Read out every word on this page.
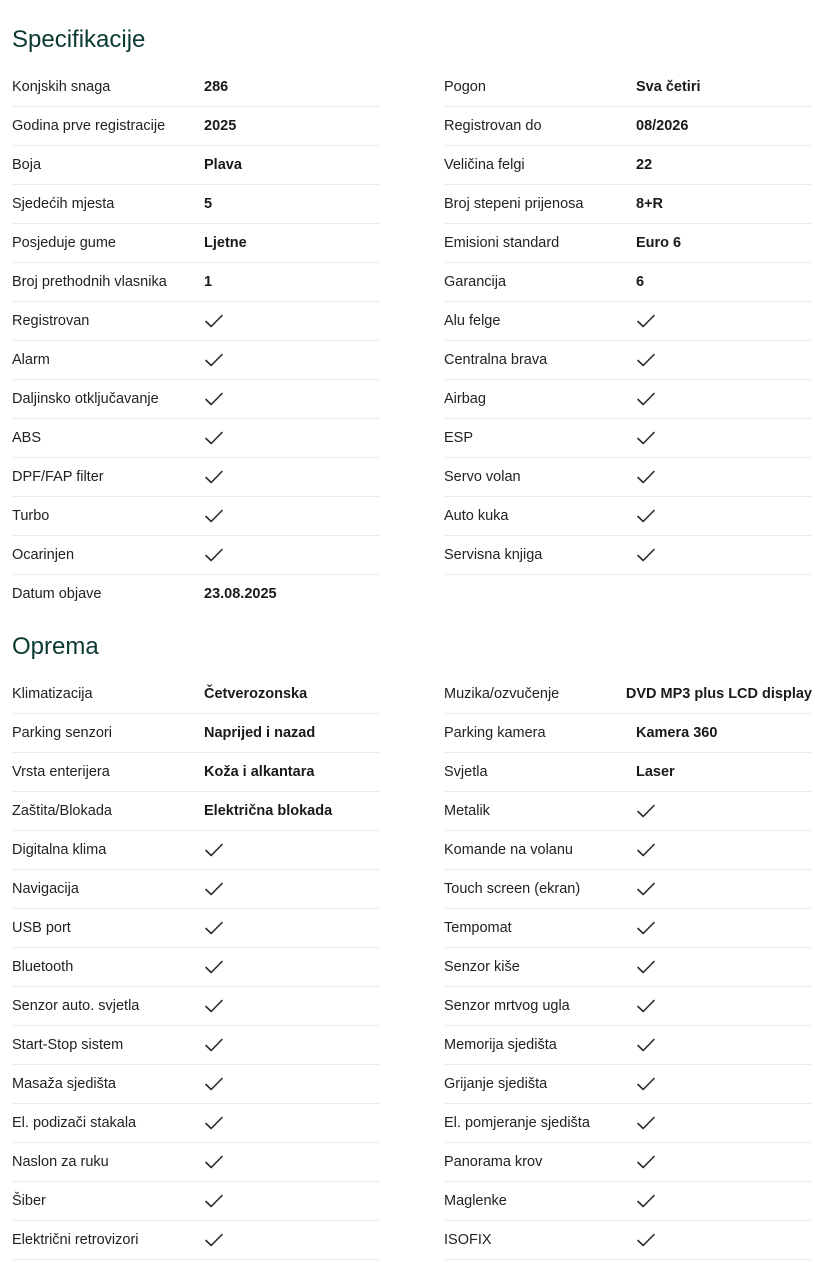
Specifikacije
Konjskih snaga	286
Godina prve registracije	2025
Boja	Plava
Sjedećih mjesta	5
Posjeduje gume	Ljetne
Broj prethodnih vlasnika	1
Registrovan
Alarm
Daljinsko otključavanje
ABS
DPF/FAP filter
Turbo
Ocarinjen
Datum objave	23.08.2025
Pogon	Sva četiri
Registrovan do	08/2026
Veličina felgi	22
Broj stepeni prijenosa	8+R
Emisioni standard	Euro 6
Garancija	6
Alu felge
Centralna brava
Airbag
ESP
Servo volan
Auto kuka
Servisna knjiga
Oprema
Klimatizacija	Četverozonska
Parking senzori	Naprijed i nazad
Vrsta enterijera	Koža i alkantara
Zaštita/Blokada	Električna blokada
Digitalna klima
Navigacija
USB port
Bluetooth
Senzor auto. svjetla
Start-Stop sistem
Masaža sjedišta
El. podizači stakala
Naslon za ruku
Šiber
Električni retrovizori
Muzika/ozvučenje	DVD MP3 plus LCD display
Parking kamera	Kamera 360
Svjetla	Laser
Metalik
Komande na volanu
Touch screen (ekran)
Tempomat
Senzor kiše
Senzor mrtvog ugla
Memorija sjedišta
Grijanje sjedišta
El. pomjeranje sjedišta
Panorama krov
Maglenke
ISOFIX
